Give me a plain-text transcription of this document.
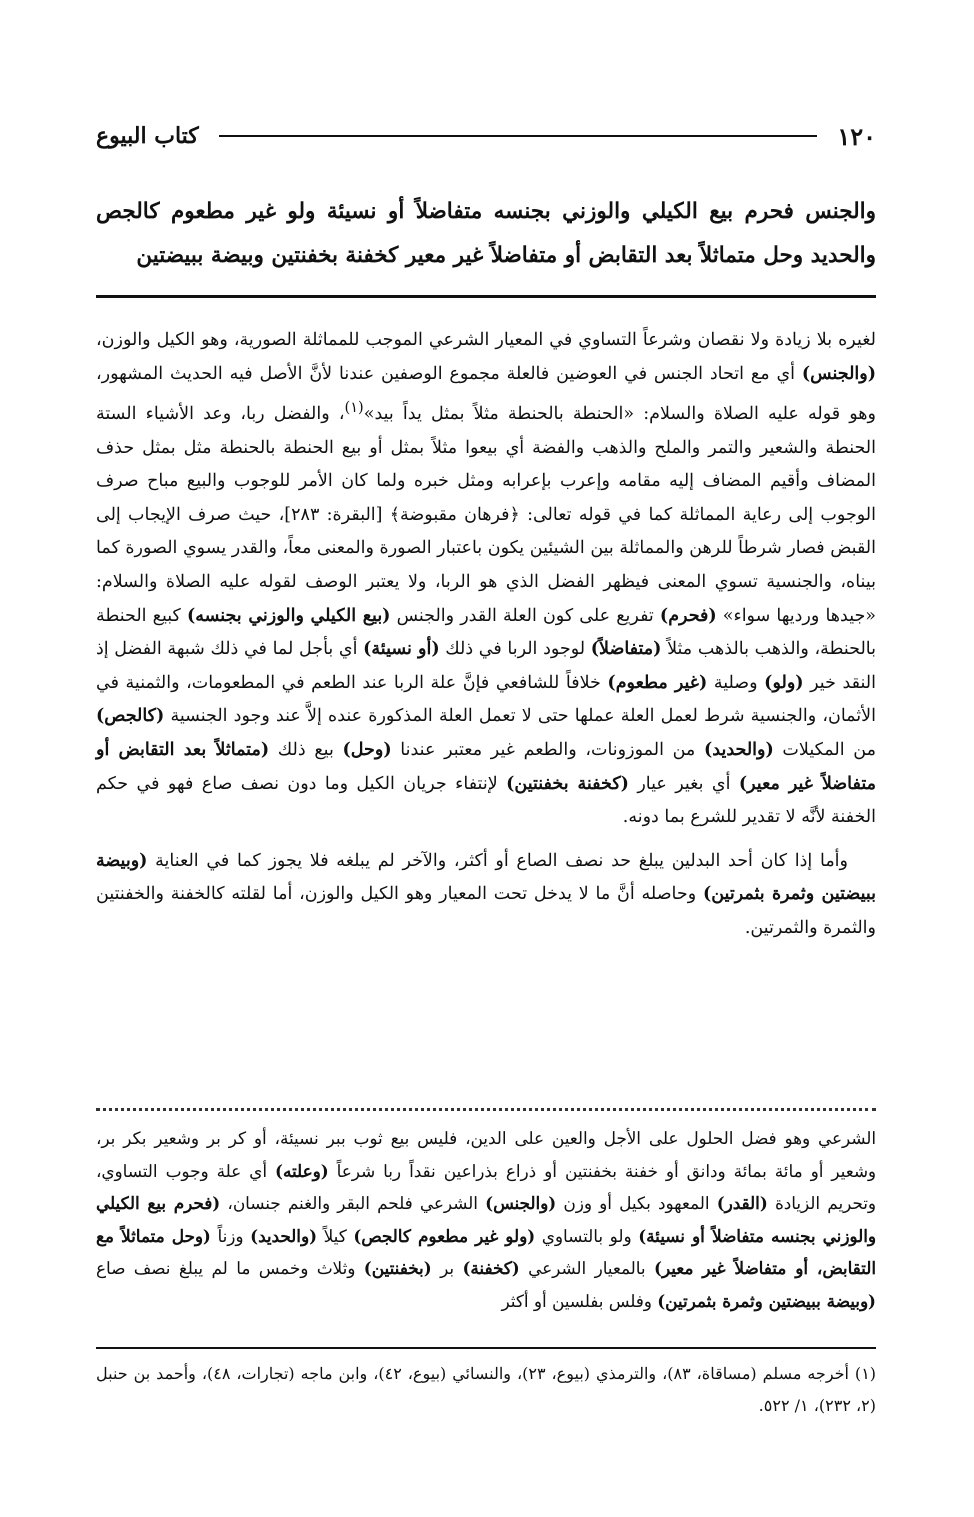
١٢٠
كتاب البيوع
والجنس فحرم بيع الكيلي والوزني بجنسه متفاضلاً أو نسيئة ولو غير مطعوم كالجص والحديد وحل متماثلاً بعد التقابض أو متفاضلاً غير معير كخفنة بخفنتين وبيضة ببيضتين

لغيره بلا زيادة ولا نقصان وشرعاً التساوي في المعيار الشرعي الموجب للمماثلة الصورية، وهو الكيل والوزن، (والجنس) أي مع اتحاد الجنس في العوضين فالعلة مجموع الوصفين عندنا لأنَّ الأصل فيه الحديث المشهور، وهو قوله عليه الصلاة والسلام: «الحنطة بالحنطة مثلاً بمثل يداً بيد»$^{(١)}$، والفضل ربا، وعد الأشياء الستة الحنطة والشعير والتمر والملح والذهب والفضة أي بيعوا مثلاً بمثل أو بيع الحنطة بالحنطة مثل بمثل حذف المضاف وأقيم المضاف إليه مقامه وإعرب بإعرابه ومثل خبره ولما كان الأمر للوجوب والبيع مباح صرف الوجوب إلى رعاية المماثلة كما في قوله تعالى: ﴿فرهان مقبوضة﴾ [البقرة: ٢٨٣]، حيث صرف الإيجاب إلى القبض فصار شرطاً للرهن والمماثلة بين الشيئين يكون باعتبار الصورة والمعنى معاً، والقدر يسوي الصورة كما بيناه، والجنسية تسوي المعنى فيظهر الفضل الذي هو الربا، ولا يعتبر الوصف لقوله عليه الصلاة والسلام: «جيدها ورديها سواء» (فحرم) تفريع على كون العلة القدر والجنس (بيع الكيلي والوزني بجنسه) كبيع الحنطة بالحنطة، والذهب بالذهب مثلاً (متفاضلاً) لوجود الربا في ذلك (أو نسيئة) أي بأجل لما في ذلك شبهة الفضل إذ النقد خير (ولو) وصلية (غير مطعوم) خلافاً للشافعي فإنَّ علة الربا عند الطعم في المطعومات، والثمنية في الأثمان، والجنسية شرط لعمل العلة عملها حتى لا تعمل العلة المذكورة عنده إلاَّ عند وجود الجنسية (كالجص) من المكيلات (والحديد) من الموزونات، والطعم غير معتبر عندنا (وحل) بيع ذلك (متماثلاً بعد التقابض أو متفاضلاً غير معير) أي بغير عيار (كخفنة بخفنتين) لإنتفاء جريان الكيل وما دون نصف صاع فهو في حكم الخفنة لأنَّه لا تقدير للشرع بما دونه.

وأما إذا كان أحد البدلين يبلغ حد نصف الصاع أو أكثر، والآخر لم يبلغه فلا يجوز كما في العناية (وبيضة ببيضتين وثمرة بثمرتين) وحاصله أنَّ ما لا يدخل تحت المعيار وهو الكيل والوزن، أما لقلته كالخفنة والخفنتين والثمرة والثمرتين.

الشرعي وهو فضل الحلول على الأجل والعين على الدين، فليس بيع ثوب ببر نسيئة، أو كر بر وشعير بكر بر، وشعير أو مائة بمائة ودانق أو خفنة بخفنتين أو ذراع بذراعين نقداً ربا شرعاً (وعلته) أي علة وجوب التساوي، وتحريم الزيادة (القدر) المعهود بكيل أو وزن (والجنس) الشرعي فلحم البقر والغنم جنسان، (فحرم بيع الكيلي والوزني بجنسه متفاضلاً أو نسيئة) ولو بالتساوي (ولو غير مطعوم كالجص) كيلاً (والحديد) وزناً (وحل متماثلاً مع التقابض، أو متفاضلاً غير معير) بالمعيار الشرعي (كخفنة) بر (بخفنتين) وثلاث وخمس ما لم يبلغ نصف صاع (وبيضة ببيضتين وثمرة بثمرتين) وفلس بفلسين أو أكثر
(١) أخرجه مسلم (مساقاة، ٨٣)، والترمذي (بيوع، ٢٣)، والنسائي (بيوع، ٤٢)، وابن ماجه (تجارات، ٤٨)، وأحمد بن حنبل (٢، ٢٣٢)، ١/ ٥٢٢.
